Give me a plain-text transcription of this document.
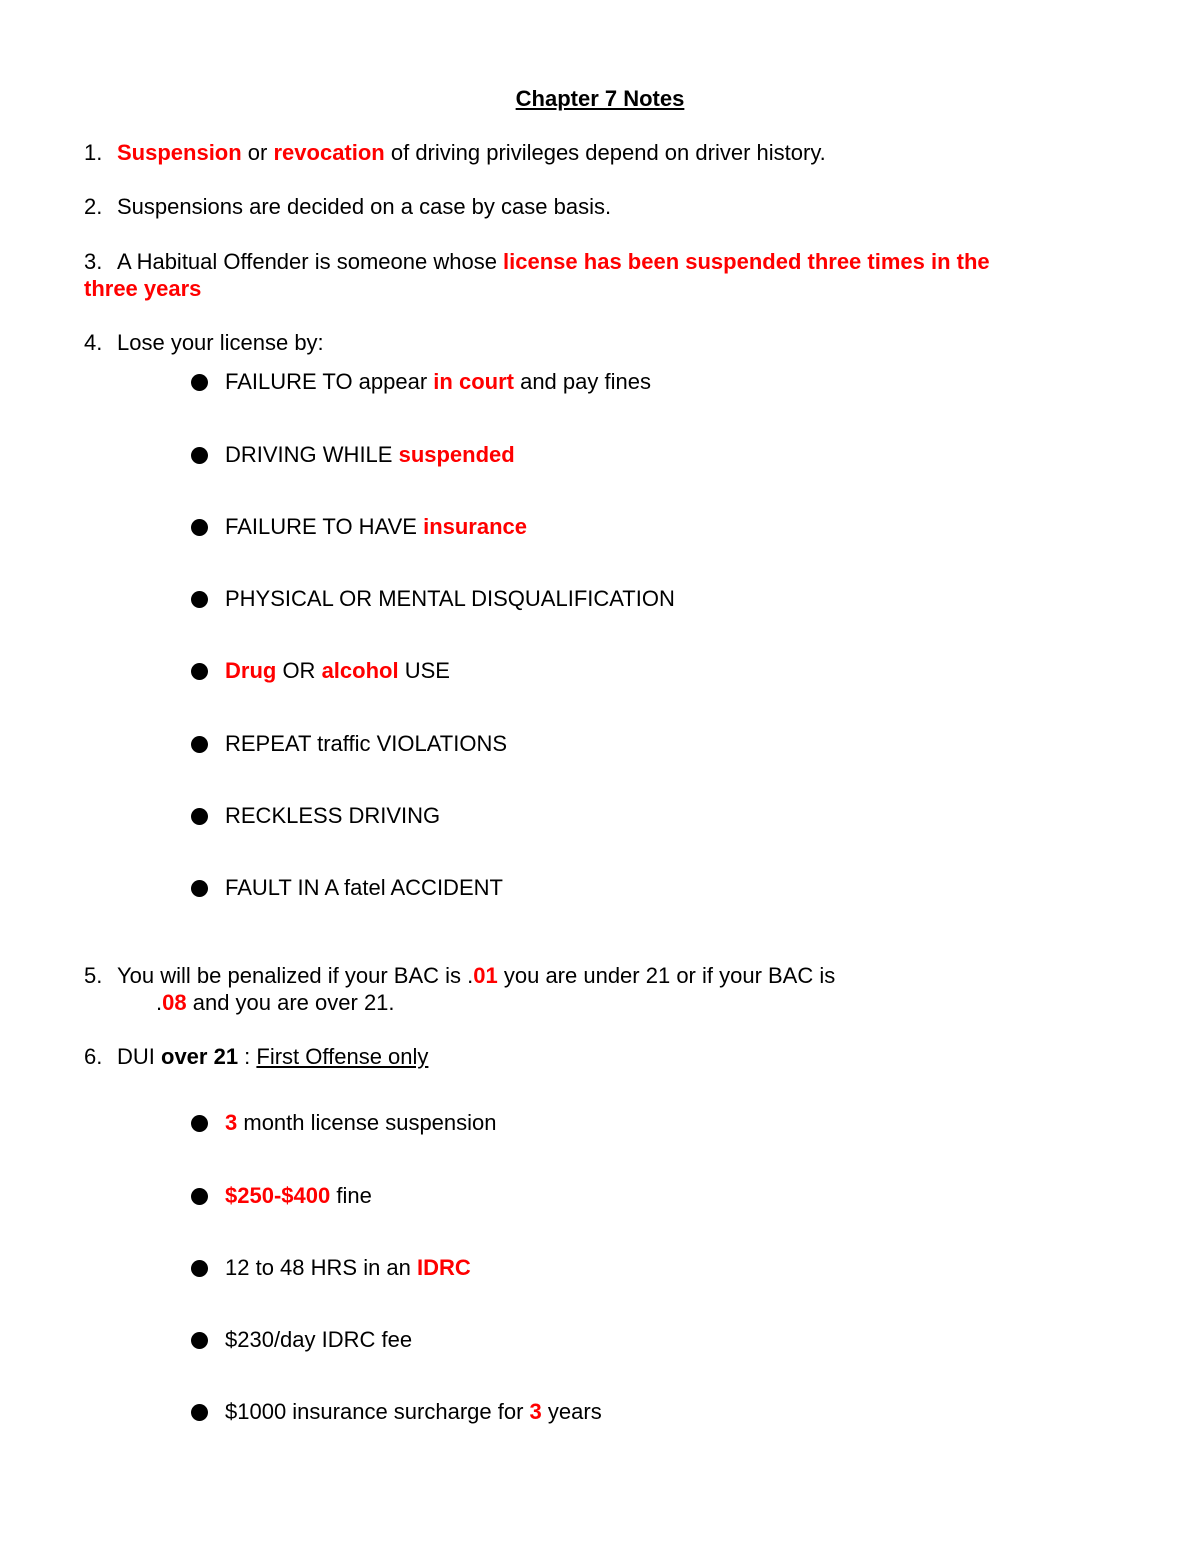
Chapter 7 Notes
1. Suspension or revocation of driving privileges depend on driver history.
2. Suspensions are decided on a case by case basis.
3. A Habitual Offender is someone whose license has been suspended three times in the
three years
4. Lose your license by:
FAILURE TO appear in court and pay fines
DRIVING WHILE suspended
FAILURE TO HAVE insurance
PHYSICAL OR MENTAL DISQUALIFICATION
Drug OR alcohol USE
REPEAT traffic VIOLATIONS
RECKLESS DRIVING
FAULT IN A fatel ACCIDENT
5. You will be penalized if your BAC is .01 you are under 21 or if your BAC is
.08 and you are over 21.
6. DUI over 21 : First Offense only
3 month license suspension
$250-$400 fine
12 to 48 HRS in an IDRC
$230/day IDRC fee
$1000 insurance surcharge for 3 years
